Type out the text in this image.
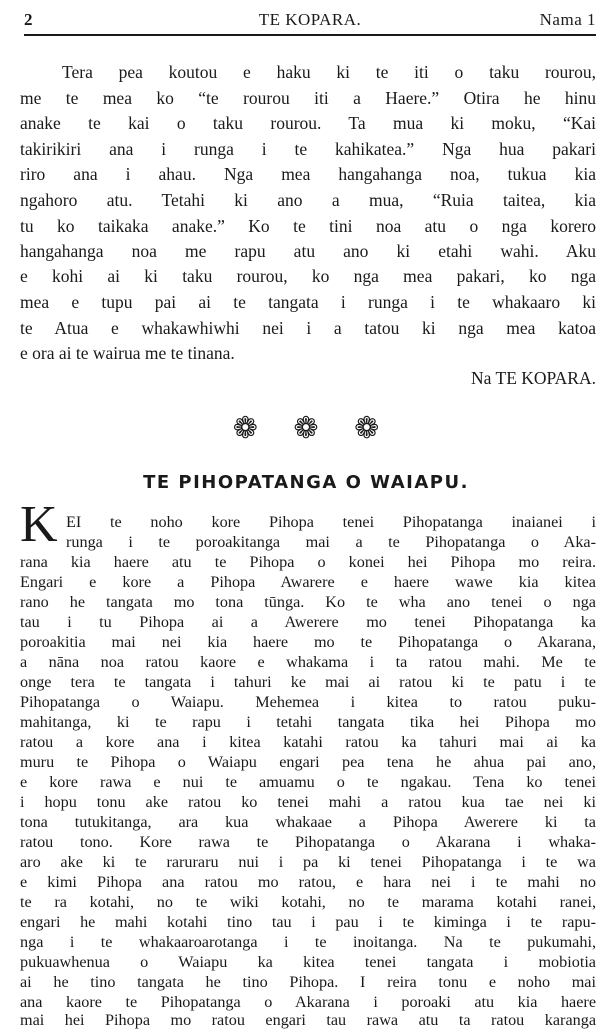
2	TE KOPARA.	Nama 1
Tera pea koutou e haku ki te iti o taku rourou,
me te mea ko “te rourou iti a Haere.” Otira he hinu
anake te kai o taku rourou. Ta mua ki moku, “Kai
takirikiri ana i runga i te kahikatea.” Nga hua pakari
riro ana i ahau. Nga mea hangahanga noa, tukua kia
ngahoro atu. Tetahi ki ano a mua, “Ruia taitea, kia
tu ko taikaka anake.” Ko te tini noa atu o nga korero
hangahanga noa me rapu atu ano ki etahi wahi. Aku
e kohi ai ki taku rourou, ko nga mea pakari, ko nga
mea e tupu pai ai te tangata i runga i te whakaaro ki
te Atua e whakawhiwhi nei i a tatou ki nga mea katoa
e ora ai te wairua me te tinana.
Na TE KOPARA.
❁ ❁ ❁
TE PIHOPATANGA O WAIAPU.
K EI te noho kore Pihopa tenei Pihopatanga inaianei i
runga i te poroakitanga mai a te Pihopatanga o Aka-
rana kia haere atu te Pihopa o konei hei Pihopa mo reira.
Engari e kore a Pihopa Awarere e haere wawe kia kitea
rano he tangata mo tona tūnga. Ko te wha ano tenei o nga
tau i tu Pihopa ai a Awerere mo tenei Pihopatanga ka
poroakitia mai nei kia haere mo te Pihopatanga o Akarana,
a nāna noa ratou kaore e whakama i ta ratou mahi. Me te
onge tera te tangata i tahuri ke mai ai ratou ki te patu i te
Pihopatanga o Waiapu. Mehemea i kitea to ratou puku-
mahitanga, ki te rapu i tetahi tangata tika hei Pihopa mo
ratou a kore ana i kitea katahi ratou ka tahuri mai ai ka
muru te Pihopa o Waiapu engari pea tena he ahua pai ano,
e kore rawa e nui te amuamu o te ngakau. Tena ko tenei
i hopu tonu ake ratou ko tenei mahi a ratou kua tae nei ki
tona tutukitanga, ara kua whakaae a Pihopa Awerere ki ta
ratou tono. Kore rawa te Pihopatanga o Akarana i whaka-
aro ake ki te raruraru nui i pa ki tenei Pihopatanga i te wa
e kimi Pihopa ana ratou mo ratou, e hara nei i te mahi no
te ra kotahi, no te wiki kotahi, no te marama kotahi ranei,
engari he mahi kotahi tino tau i pau i te kiminga i te rapu-
nga i te whakaaroarotanga i te inoitanga. Na te pukumahi,
pukuawhenua o Waiapu ka kitea tenei tangata i mobiotia
ai he tino tangata he tino Pihopa. I reira tonu e noho mai
ana kaore te Pihopatanga o Akarana i poroaki atu kia haere
mai hei Pihopa mo ratou engari tau rawa atu ta ratou karanga
